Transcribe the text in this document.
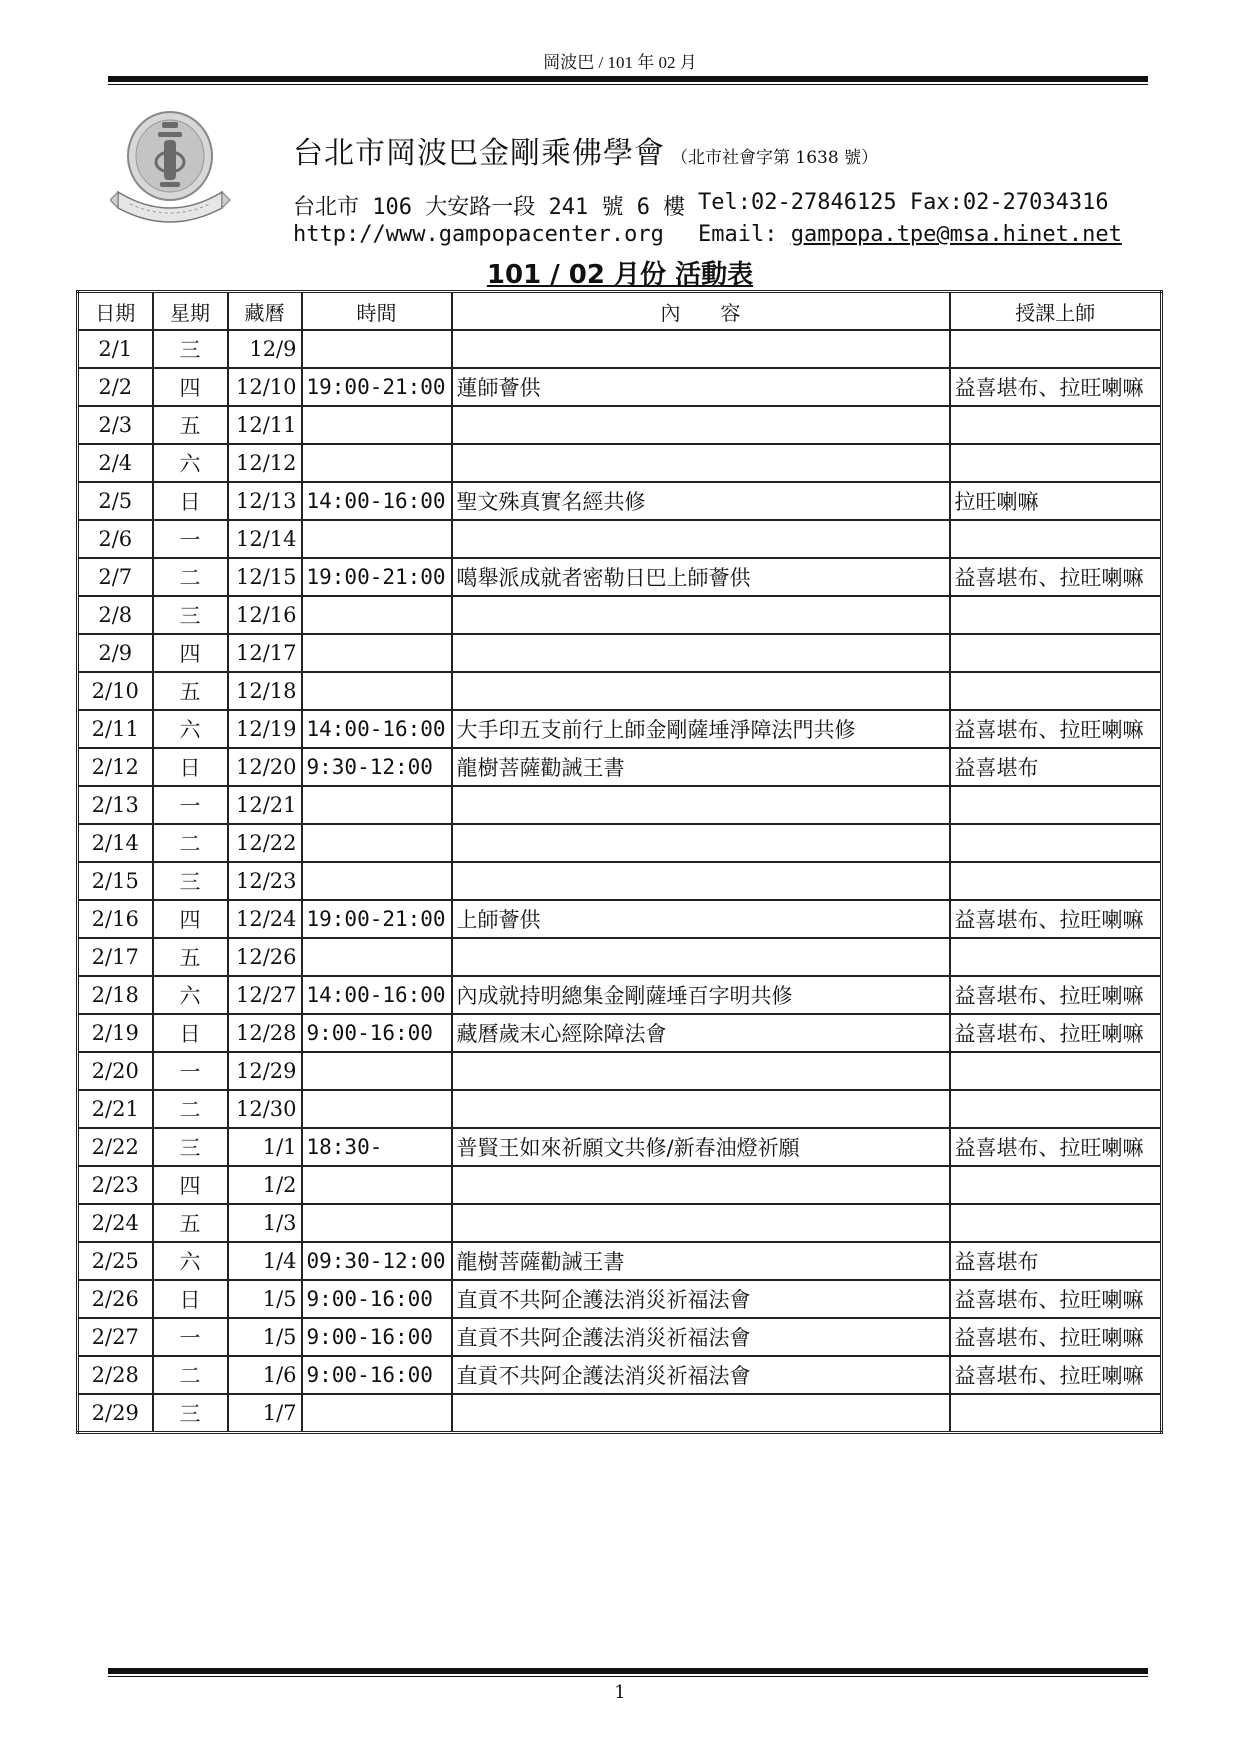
岡波巴 / 101 年 02 月
台北市岡波巴金剛乘佛學會 （北市社會字第 1638 號）
台北市 106 大安路一段 241 號 6 樓 Tel:02-27846125 Fax:02-27034316
http://www.gampopacenter.org Email: gampopa.tpe@msa.hinet.net
101 / 02 月份 活動表
日期	星期	藏曆	時間	內　　容	授課上師
2/1	三	12/9			
2/2	四	12/10	19:00-21:00	蓮師薈供	益喜堪布、拉旺喇嘛
2/3	五	12/11			
2/4	六	12/12			
2/5	日	12/13	14:00-16:00	聖文殊真實名經共修	拉旺喇嘛
2/6	一	12/14			
2/7	二	12/15	19:00-21:00	噶舉派成就者密勒日巴上師薈供	益喜堪布、拉旺喇嘛
2/8	三	12/16			
2/9	四	12/17			
2/10	五	12/18			
2/11	六	12/19	14:00-16:00	大手印五支前行上師金剛薩埵淨障法門共修	益喜堪布、拉旺喇嘛
2/12	日	12/20	9:30-12:00	龍樹菩薩勸誡王書	益喜堪布
2/13	一	12/21			
2/14	二	12/22			
2/15	三	12/23			
2/16	四	12/24	19:00-21:00	上師薈供	益喜堪布、拉旺喇嘛
2/17	五	12/26			
2/18	六	12/27	14:00-16:00	內成就持明總集金剛薩埵百字明共修	益喜堪布、拉旺喇嘛
2/19	日	12/28	9:00-16:00	藏曆歲末心經除障法會	益喜堪布、拉旺喇嘛
2/20	一	12/29			
2/21	二	12/30			
2/22	三	1/1	18:30-	普賢王如來祈願文共修/新春油燈祈願	益喜堪布、拉旺喇嘛
2/23	四	1/2			
2/24	五	1/3			
2/25	六	1/4	09:30-12:00	龍樹菩薩勸誡王書	益喜堪布
2/26	日	1/5	9:00-16:00	直貢不共阿企護法消災祈福法會	益喜堪布、拉旺喇嘛
2/27	一	1/5	9:00-16:00	直貢不共阿企護法消災祈福法會	益喜堪布、拉旺喇嘛
2/28	二	1/6	9:00-16:00	直貢不共阿企護法消災祈福法會	益喜堪布、拉旺喇嘛
2/29	三	1/7			
1
